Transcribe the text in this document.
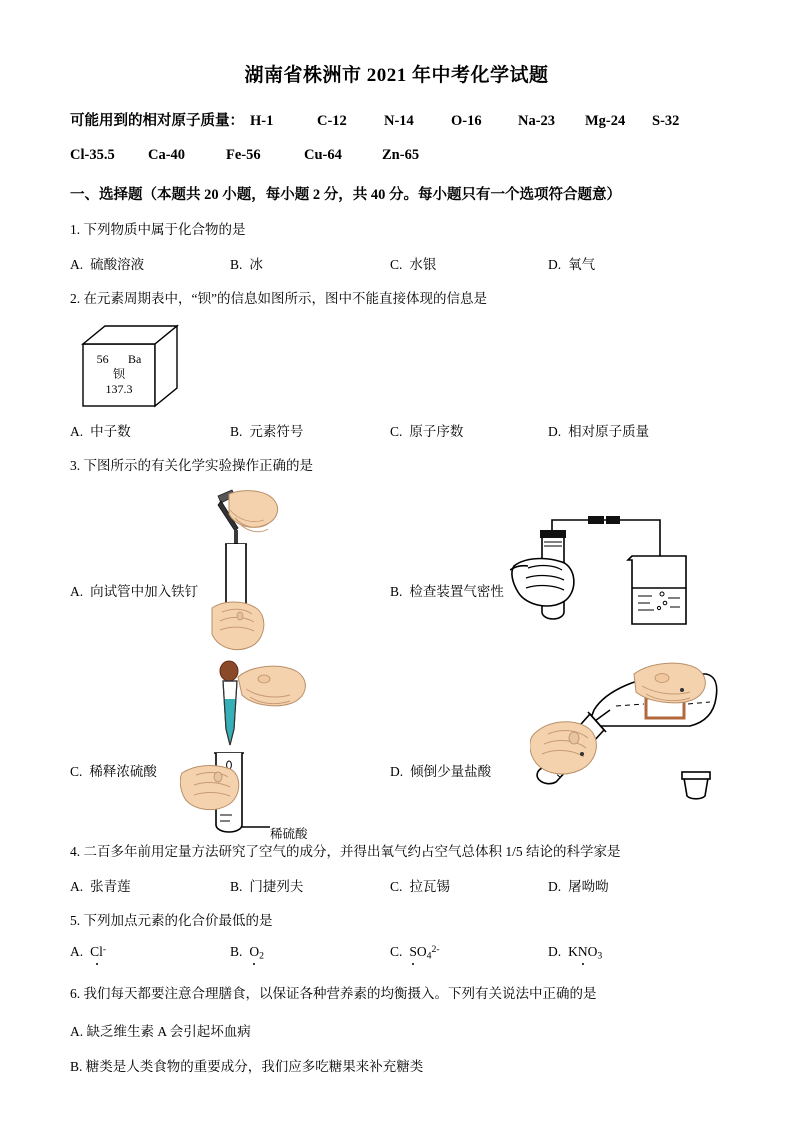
湖南省株洲市 2021 年中考化学试题
可能用到的相对原子质量： H-1	C-12	N-14	O-16	Na-23 Mg-24 S-32
Cl-35.5 Ca-40	Fe-56	Cu-64	Zn-65
一、选择题（本题共 20 小题，每小题 2 分，共 40 分。每小题只有一个选项符合题意）
1. 下列物质中属于化合物的是
A. 硫酸溶液	B. 冰	C. 水银	D. 氧气
2. 在元素周期表中，“钡”的信息如图所示，图中不能直接体现的信息是
56 Ba
钡
137.3
A. 中子数	B. 元素符号	C. 原子序数	D. 相对原子质量
3. 下图所示的有关化学实验操作正确的是
A. 向试管中加入铁钉	B. 检查装置气密性
C. 稀释浓硫酸
稀硫酸
D. 倾倒少量盐酸
4. 二百多年前用定量方法研究了空气的成分，并得出氧气约占空气总体积 1/5 结论的科学家是
A. 张青莲	B. 门捷列夫	C. 拉瓦锡	D. 屠呦呦
5. 下列加点元素的化合价最低的是
A. Cl-	B. $O_2$	C. $SO_4^{2-}$	D. $KNO_3$
6. 我们每天都要注意合理膳食，以保证各种营养素的均衡摄入。下列有关说法中正确的是
A. 缺乏维生素 A 会引起坏血病
B. 糖类是人类食物的重要成分，我们应多吃糖果来补充糖类
